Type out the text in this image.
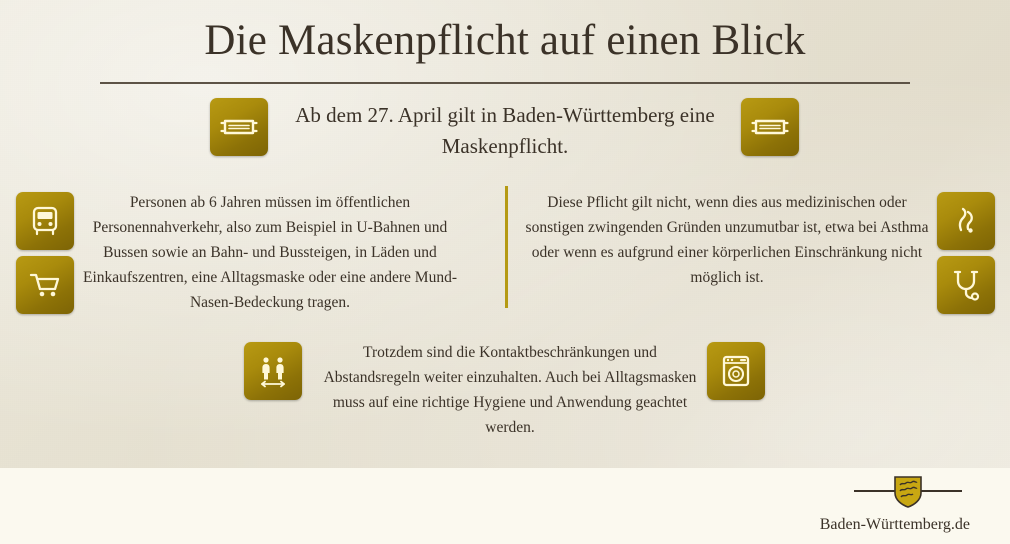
Die Maskenpflicht auf einen Blick
Ab dem 27. April gilt in Baden-Württemberg eine Maskenpflicht.
Personen ab 6 Jahren müssen im öffentlichen Personennahverkehr, also zum Beispiel in U-Bahnen und Bussen sowie an Bahn- und Bussteigen, in Läden und Einkaufszentren, eine Alltagsmaske oder eine andere Mund-Nasen-Bedeckung tragen.
Diese Pflicht gilt nicht, wenn dies aus medizinischen oder sonstigen zwingenden Gründen unzumutbar ist, etwa bei Asthma oder wenn es aufgrund einer körperlichen Einschränkung nicht möglich ist.
Trotzdem sind die Kontaktbeschränkungen und Abstandsregeln weiter einzuhalten. Auch bei Alltagsmasken muss auf eine richtige Hygiene und Anwendung geachtet werden.
Baden-Württemberg.de
